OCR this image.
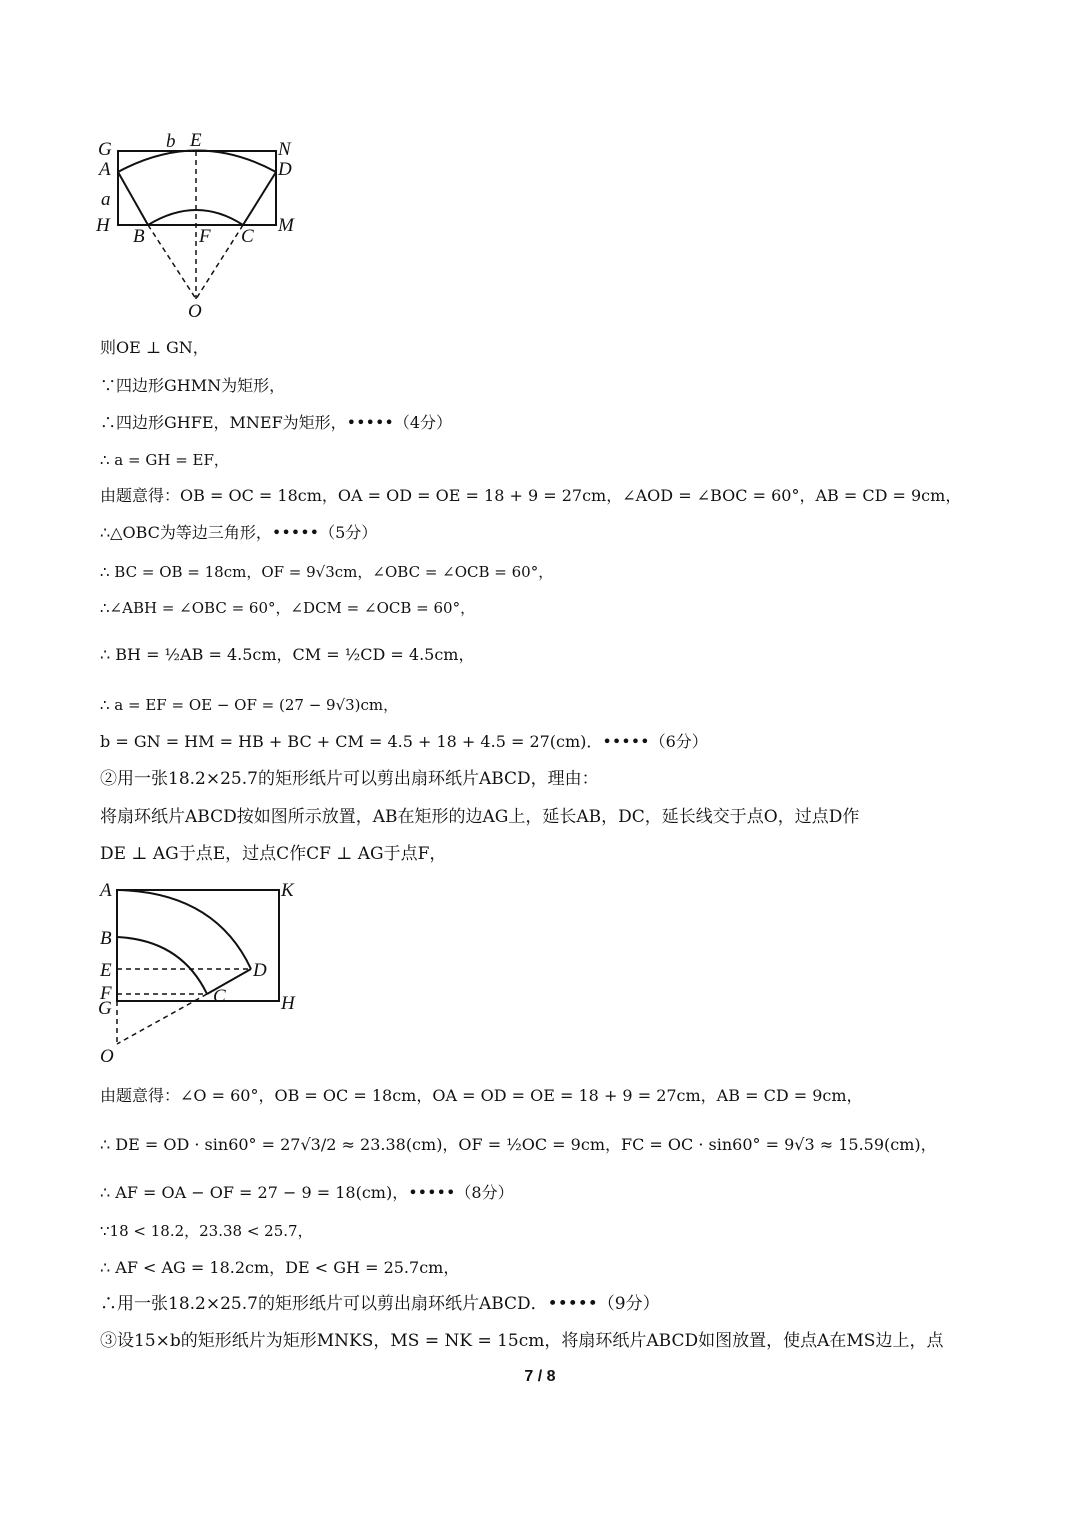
G	b E	N
A	D
a
H
B	F C
M
O
则OE ⊥ GN，
∵四边形GHMN为矩形，
∴四边形GHFE，MNEF为矩形，•••••（4分）
∴ a = GH = EF，
由题意得：OB = OC = 18cm，OA = OD = OE = 18 + 9 = 27cm，∠AOD = ∠BOC = 60°，AB = CD = 9cm，
∴△OBC为等边三角形，•••••（5分）
∴ BC = OB = 18cm，OF = 9√3cm，∠OBC = ∠OCB = 60°，
∴∠ABH = ∠OBC = 60°，∠DCM = ∠OCB = 60°，
∴ BH = ½AB = 4.5cm，CM = ½CD = 4.5cm，
∴ a = EF = OE − OF = (27 − 9√3)cm，
b = GN = HM = HB + BC + CM = 4.5 + 18 + 4.5 = 27(cm)．•••••（6分）
②用一张18.2×25.7的矩形纸片可以剪出扇环纸片ABCD，理由：
将扇环纸片ABCD按如图所示放置，AB在矩形的边AG上，延长AB，DC，延长线交于点O，过点D作
DE ⊥ AG于点E，过点C作CF ⊥ AG于点F，
A	K
B
E	D
F	C
G	H
O
由题意得：∠O = 60°，OB = OC = 18cm，OA = OD = OE = 18 + 9 = 27cm，AB = CD = 9cm，
∴ DE = OD · sin60° = 27√3/2 ≈ 23.38(cm)，OF = ½OC = 9cm，FC = OC · sin60° = 9√3 ≈ 15.59(cm)，
∴ AF = OA − OF = 27 − 9 = 18(cm)，•••••（8分）
∵18 < 18.2，23.38 < 25.7，
∴ AF < AG = 18.2cm，DE < GH = 25.7cm，
∴用一张18.2×25.7的矩形纸片可以剪出扇环纸片ABCD．•••••（9分）
③设15×b的矩形纸片为矩形MNKS，MS = NK = 15cm，将扇环纸片ABCD如图放置，使点A在MS边上，点
7 / 8
